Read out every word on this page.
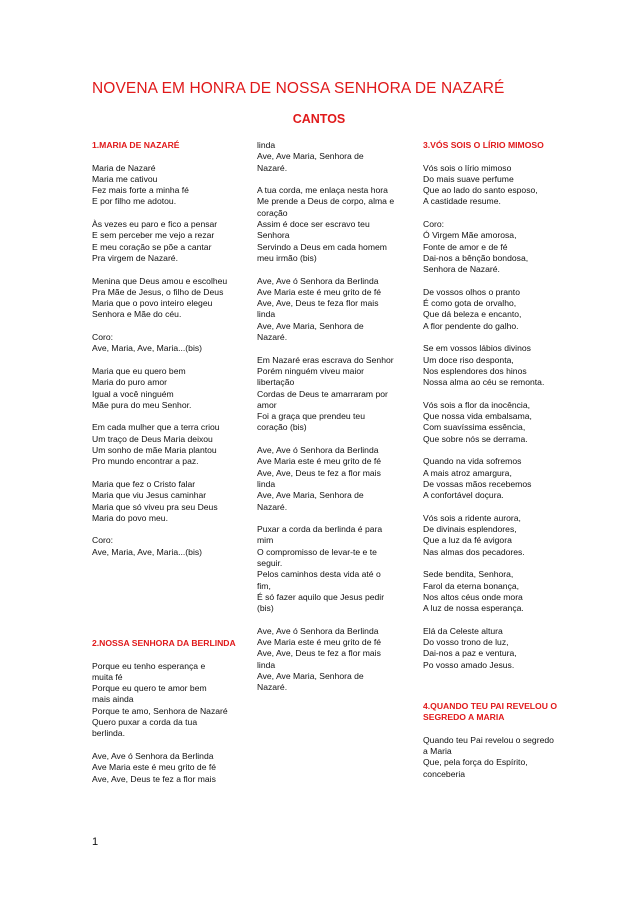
NOVENA EM HONRA DE NOSSA SENHORA DE NAZARÉ
CANTOS

1.MARIA DE NAZARÉ

Maria de Nazaré

Maria me cativou

Fez mais forte a minha fé

E por filho me adotou.

Às vezes eu paro e fico a pensar

E sem perceber me vejo a rezar

E meu coração se põe a cantar

Pra virgem de Nazaré.

Menina que Deus amou e escolheu

Pra Mãe de Jesus, o filho de Deus

Maria que o povo inteiro elegeu

Senhora e Mãe do céu.

Coro:

Ave, Maria, Ave, Maria...(bis)

Maria que eu quero bem

Maria do puro amor

Igual a você ninguém

Mãe pura do meu Senhor.

Em cada mulher que a terra criou

Um traço de Deus Maria deixou

Um sonho de mãe Maria plantou

Pro mundo encontrar a paz.

Maria que fez o Cristo falar

Maria que viu Jesus caminhar

Maria que só viveu pra seu Deus

Maria do povo meu.

Coro:

Ave, Maria, Ave, Maria...(bis)

2.NOSSA SENHORA DA BERLINDA

Porque eu tenho esperança e

muita fé

Porque eu quero te amor bem

mais ainda

Porque te amo, Senhora de Nazaré

Quero puxar a corda da tua

berlinda.

Ave, Ave ó Senhora da Berlinda

Ave Maria este é meu grito de fé

Ave, Ave, Deus te fez a flor mais

linda

Ave, Ave Maria, Senhora de

Nazaré.

A tua corda, me enlaça nesta hora

Me prende a Deus de corpo, alma e

coração

Assim é doce ser escravo teu

Senhora

Servindo a Deus em cada homem

meu irmão (bis)

Ave, Ave ó Senhora da Berlinda

Ave Maria este é meu grito de fé

Ave, Ave, Deus te feza flor mais

linda

Ave, Ave Maria, Senhora de

Nazaré.

Em Nazaré eras escrava do Senhor

Porém ninguém viveu maior

libertação

Cordas de Deus te amarraram por

amor

Foi a graça que prendeu teu

coração (bis)

Ave, Ave ó Senhora da Berlinda

Ave Maria este é meu grito de fé

Ave, Ave, Deus te fez a flor mais

linda

Ave, Ave Maria, Senhora de

Nazaré.

Puxar a corda da berlinda é para

mim

O compromisso de levar-te e te

seguir.

Pelos caminhos desta vida até o

fim,

É só fazer aquilo que Jesus pedir

(bis)

Ave, Ave ó Senhora da Berlinda

Ave Maria este é meu grito de fé

Ave, Ave, Deus te fez a flor mais

linda

Ave, Ave Maria, Senhora de

Nazaré.

3.VÓS SOIS O LÍRIO MIMOSO

Vós sois o lírio mimoso

Do mais suave perfume

Que ao lado do santo esposo,

A castidade resume.

Coro:

Ó Virgem Mãe amorosa,

Fonte de amor e de fé

Dai-nos a bênção bondosa,

Senhora de Nazaré.

De vossos olhos o pranto

É como gota de orvalho,

Que dá beleza e encanto,

A flor pendente do galho.

Se em vossos lábios divinos

Um doce riso desponta,

Nos esplendores dos hinos

Nossa alma ao céu se remonta.

Vós sois a flor da inocência,

Que nossa vida embalsama,

Com suavíssima essência,

Que sobre nós se derrama.

Quando na vida sofremos

A mais atroz amargura,

De vossas mãos recebemos

A confortável doçura.

Vós sois a ridente aurora,

De divinais esplendores,

Que a luz da fé avigora

Nas almas dos pecadores.

Sede bendita, Senhora,

Farol da eterna bonança,

Nos altos céus onde mora

A luz de nossa esperança.

Elá da Celeste altura

Do vosso trono de luz,

Dai-nos a paz e ventura,

Po vosso amado Jesus.

4.QUANDO TEU PAI REVELOU O

SEGREDO A MARIA

Quando teu Pai revelou o segredo

a Maria

Que, pela força do Espírito,

conceberia

1
